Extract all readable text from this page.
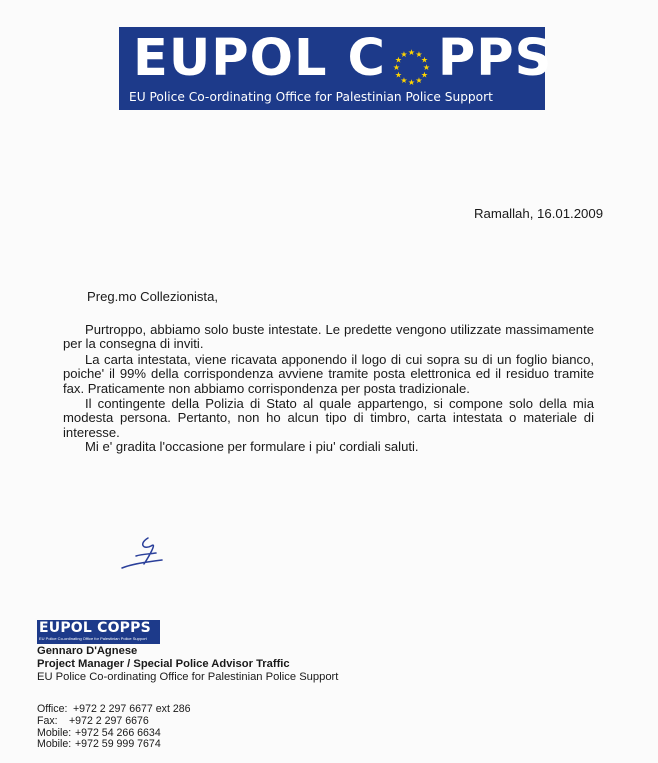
EUPOL C	★ ★
★
★
★
★
★
★
★
★
★
★ PPS
EU Police Co-ordinating Office for Palestinian Police Support
Ramallah, 16.01.2009
Preg.mo Collezionista,

Purtroppo, abbiamo solo buste intestate. Le predette vengono utilizzate massimamente per la consegna di inviti.

La carta intestata, viene ricavata apponendo il logo di cui sopra su di un foglio bianco, poiche' il 99% della corrispondenza avviene tramite posta elettronica ed il residuo tramite fax. Praticamente non abbiamo corrispondenza per posta tradizionale.

Il contingente della Polizia di Stato al quale appartengo, si compone solo della mia modesta persona. Pertanto, non ho alcun tipo di timbro, carta intestata o materiale di interesse.

Mi e' gradita l'occasione per formulare i piu' cordiali saluti.

EUPOL COPPS
EU Police Co-ordinating Office for Palestinian Police Support
Gennaro D'Agnese
Project Manager / Special Police Advisor Traffic
EU Police Co-ordinating Office for Palestinian Police Support
Office: +972 2 297 6677 ext 286
Fax: +972 2 297 6676
Mobile: +972 54 266 6634
Mobile: +972 59 999 7674
